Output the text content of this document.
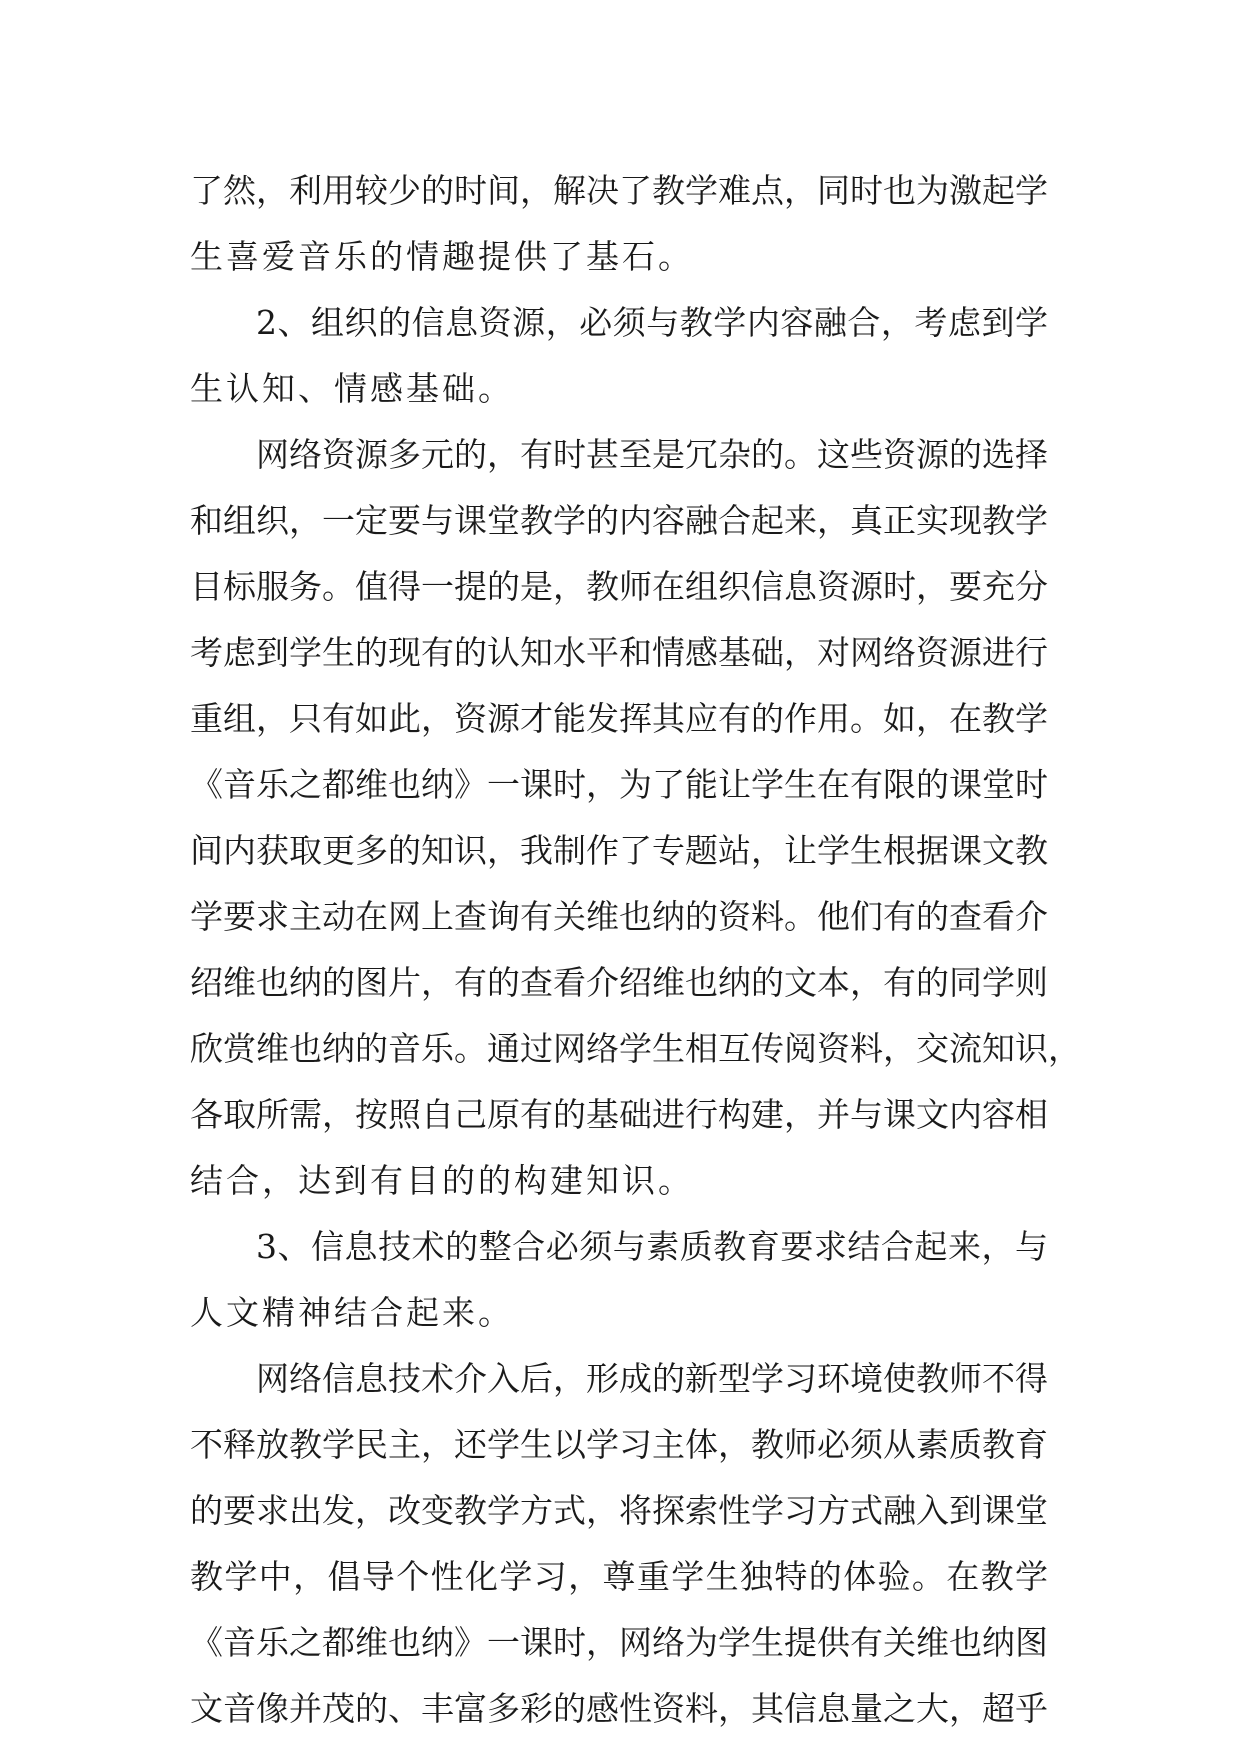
了然，利用较少的时间，解决了教学难点，同时也为激起学
生喜爱音乐的情趣提供了基石。
2、组织的信息资源，必须与教学内容融合，考虑到学
生认知、情感基础。
网络资源多元的，有时甚至是冗杂的。这些资源的选择
和组织，一定要与课堂教学的内容融合起来，真正实现教学
目标服务。值得一提的是，教师在组织信息资源时，要充分
考虑到学生的现有的认知水平和情感基础，对网络资源进行
重组，只有如此，资源才能发挥其应有的作用。如，在教学
《音乐之都维也纳》一课时，为了能让学生在有限的课堂时
间内获取更多的知识，我制作了专题站，让学生根据课文教
学要求主动在网上查询有关维也纳的资料。他们有的查看介
绍维也纳的图片，有的查看介绍维也纳的文本，有的同学则
欣赏维也纳的音乐。通过网络学生相互传阅资料，交流知识，
各取所需，按照自己原有的基础进行构建，并与课文内容相
结合，达到有目的的构建知识。
3、信息技术的整合必须与素质教育要求结合起来，与
人文精神结合起来。
网络信息技术介入后，形成的新型学习环境使教师不得
不释放教学民主，还学生以学习主体，教师必须从素质教育
的要求出发，改变教学方式，将探索性学习方式融入到课堂
教学中，倡导个性化学习，尊重学生独特的体验。在教学
《音乐之都维也纳》一课时，网络为学生提供有关维也纳图
文音像并茂的、丰富多彩的感性资料，其信息量之大，超乎
